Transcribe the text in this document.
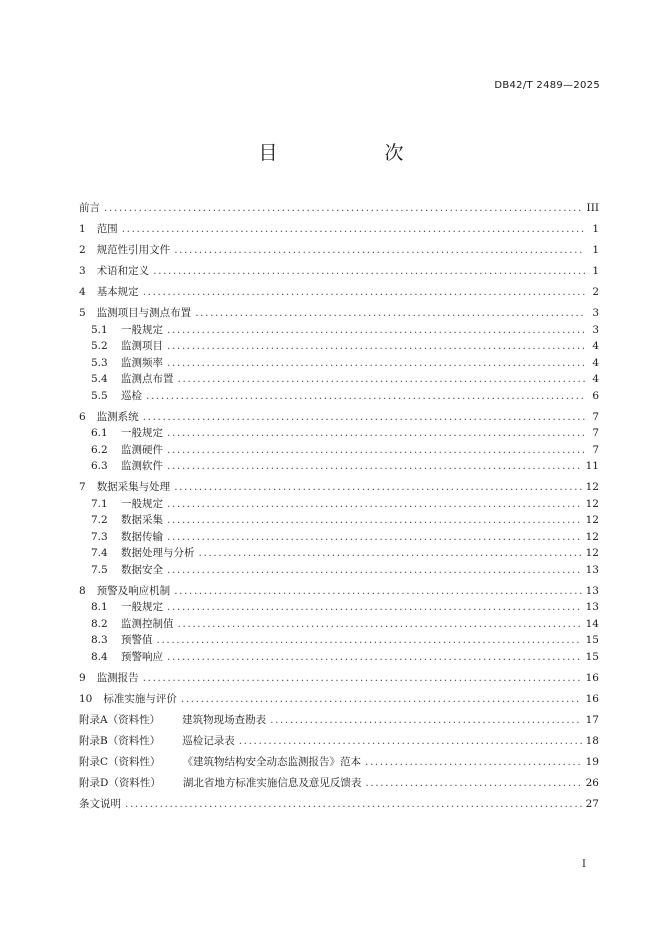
DB42/T 2489—2025
目　次
前言 .....	III
1 范围 .....	1
2 规范性引用文件 .....	1
3 术语和定义 .....	1
4 基本规定 .....	2
5 监测项目与测点布置 .....	3
5.1	一般规定 .....	3
5.2	监测项目 .....	4
5.3	监测频率 .....	4
5.4	监测点布置 .....	4
5.5	巡检 .....	6
6 监测系统 .....	7
6.1	一般规定 .....	7
6.2	监测硬件 .....	7
6.3	监测软件 .....	11
7 数据采集与处理 .....	12
7.1	一般规定 .....	12
7.2	数据采集 .....	12
7.3	数据传输 .....	12
7.4	数据处理与分析 .....	12
7.5	数据安全 .....	13
8 预警及响应机制 .....	13
8.1	一般规定 .....	13
8.2	监测控制值 .....	14
8.3	预警值 .....	15
8.4	预警响应 .....	15
9 监测报告 .....	16
10 标准实施与评价 .....	16
附录A（资料性） 建筑物现场查勘表 .....	17
附录B（资料性） 巡检记录表 .....	18
附录C（资料性） 《建筑物结构安全动态监测报告》范本 .....	19
附录D（资料性） 湖北省地方标准实施信息及意见反馈表 .....	26
条文说明 .....	27
I
